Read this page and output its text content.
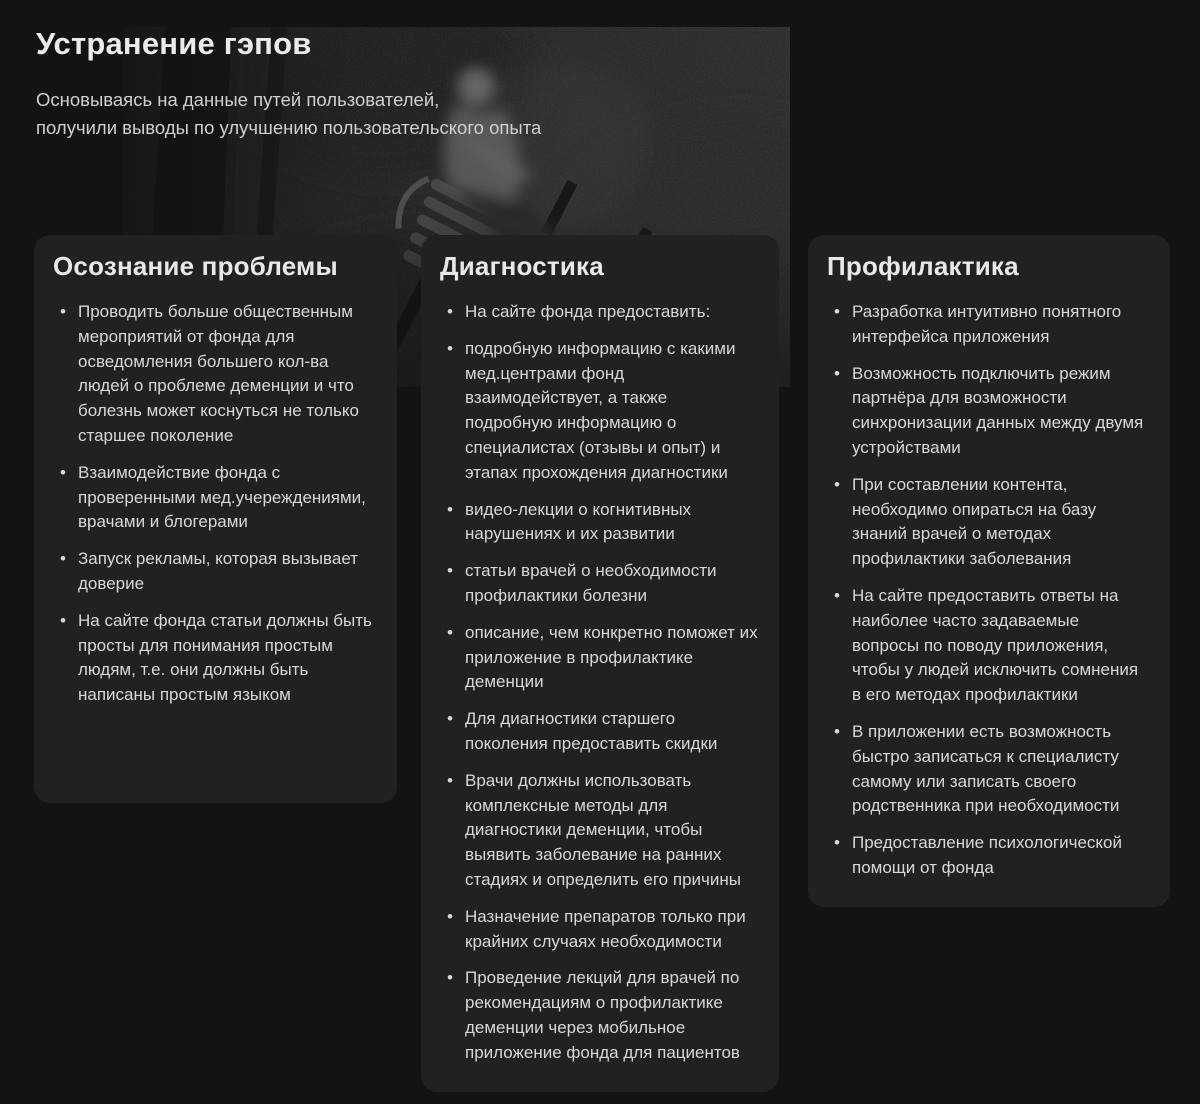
Устранение гэпов
Основываясь на данные путей пользователей,
получили выводы по улучшению пользовательского опыта
Осознание проблемы
• Проводить больше общественным мероприятий от фонда для осведомления большего кол-ва людей о проблеме деменции и что болезнь может коснуться не только старшее поколение
• Взаимодействие фонда с проверенными мед.учереждениями, врачами и блогерами
• Запуск рекламы, которая вызывает доверие
• На сайте фонда статьи должны быть просты для понимания простым людям, т.е. они должны быть написаны простым языком
Диагностика
• На сайте фонда предоставить:
• подробную информацию с какими мед.центрами фонд взаимодействует, а также подробную информацию о специалистах (отзывы и опыт) и этапах прохождения диагностики
• видео-лекции о когнитивных нарушениях и их развитии
• статьи врачей о необходимости профилактики болезни
• описание, чем конкретно поможет их приложение в профилактике деменции
• Для диагностики старшего поколения предоставить скидки
• Врачи должны использовать комплексные методы для диагностики деменции, чтобы выявить заболевание на ранних стадиях и определить его причины
• Назначение препаратов только при крайних случаях необходимости
• Проведение лекций для врачей по рекомендациям о профилактике деменции через мобильное приложение фонда для пациентов
Профилактика
• Разработка интуитивно понятного интерфейса приложения
• Возможность подключить режим партнёра для возможности синхронизации данных между двумя устройствами
• При составлении контента, необходимо опираться на базу знаний врачей о методах профилактики заболевания
• На сайте предоставить ответы на наиболее часто задаваемые вопросы по поводу приложения, чтобы у людей исключить сомнения в его методах профилактики
• В приложении есть возможность быстро записаться к специалисту самому или записать своего родственника при необходимости
• Предоставление психологической помощи от фонда
